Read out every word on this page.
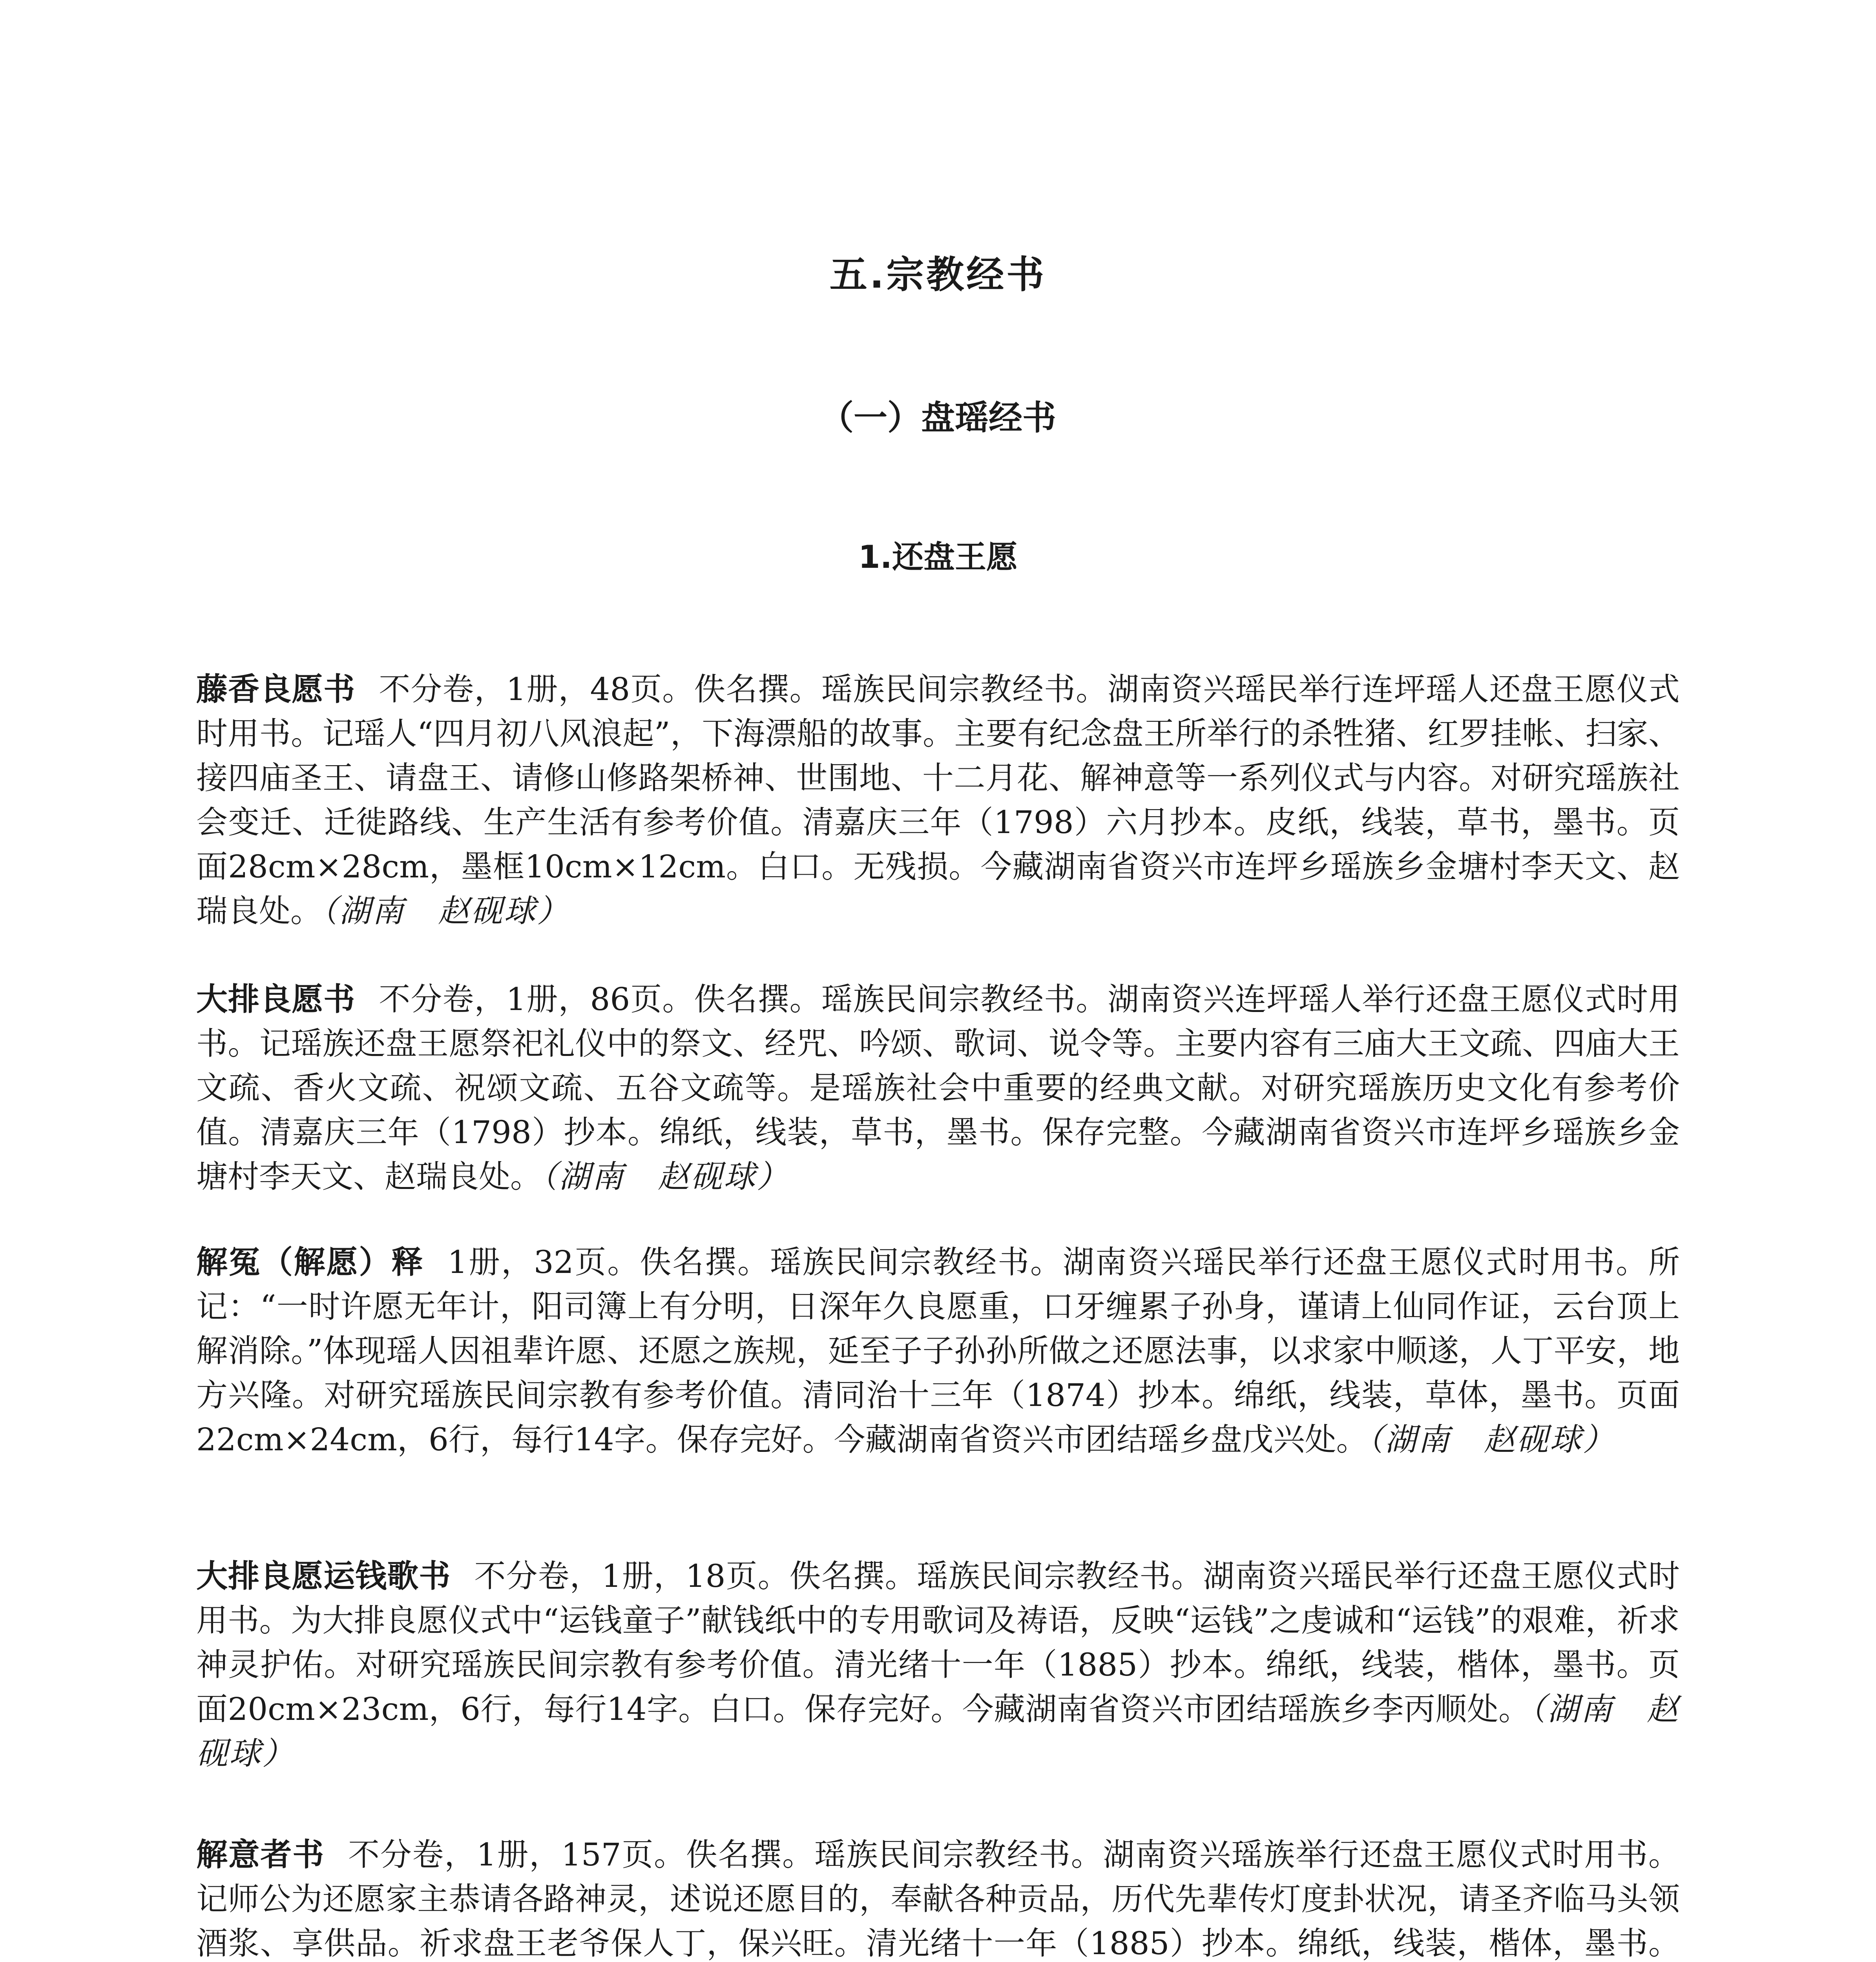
五.宗教经书
（一）盘瑶经书
1.还盘王愿

藤香良愿书 不分卷，1册，48页。佚名撰。瑶族民间宗教经书。湖南资兴瑶民举行连坪瑶人还盘王愿仪式时用书。记瑶人“四月初八风浪起”，下海漂船的故事。主要有纪念盘王所举行的杀牲猪、红罗挂帐、扫家、接四庙圣王、请盘王、请修山修路架桥神、世围地、十二月花、解神意等一系列仪式与内容。对研究瑶族社会变迁、迁徙路线、生产生活有参考价值。清嘉庆三年（1798）六月抄本。皮纸，线装，草书，墨书。页面28cm×28cm，墨框10cm×12cm。白口。无残损。今藏湖南省资兴市连坪乡瑶族乡金塘村李天文、赵瑞良处。（湖南　赵砚球）

大排良愿书 不分卷，1册，86页。佚名撰。瑶族民间宗教经书。湖南资兴连坪瑶人举行还盘王愿仪式时用书。记瑶族还盘王愿祭祀礼仪中的祭文、经咒、吟颂、歌词、说令等。主要内容有三庙大王文疏、四庙大王文疏、香火文疏、祝颂文疏、五谷文疏等。是瑶族社会中重要的经典文献。对研究瑶族历史文化有参考价值。清嘉庆三年（1798）抄本。绵纸，线装，草书，墨书。保存完整。今藏湖南省资兴市连坪乡瑶族乡金塘村李天文、赵瑞良处。（湖南　赵砚球）

解冤（解愿）释 1册，32页。佚名撰。瑶族民间宗教经书。湖南资兴瑶民举行还盘王愿仪式时用书。所记：“一时许愿无年计，阳司簿上有分明，日深年久良愿重，口牙缠累子孙身，谨请上仙同作证，云台顶上解消除。”体现瑶人因祖辈许愿、还愿之族规，延至子子孙孙所做之还愿法事，以求家中顺遂，人丁平安，地方兴隆。对研究瑶族民间宗教有参考价值。清同治十三年（1874）抄本。绵纸，线装，草体，墨书。页面22cm×24cm，6行，每行14字。保存完好。今藏湖南省资兴市团结瑶乡盘戊兴处。（湖南　赵砚球）

大排良愿运钱歌书 不分卷，1册，18页。佚名撰。瑶族民间宗教经书。湖南资兴瑶民举行还盘王愿仪式时用书。为大排良愿仪式中“运钱童子”献钱纸中的专用歌词及祷语，反映“运钱”之虔诚和“运钱”的艰难，祈求神灵护佑。对研究瑶族民间宗教有参考价值。清光绪十一年（1885）抄本。绵纸，线装，楷体，墨书。页面20cm×23cm，6行，每行14字。白口。保存完好。今藏湖南省资兴市团结瑶族乡李丙顺处。（湖南　赵砚球）

解意者书 不分卷，1册，157页。佚名撰。瑶族民间宗教经书。湖南资兴瑶族举行还盘王愿仪式时用书。记师公为还愿家主恭请各路神灵，述说还愿目的，奉献各种贡品，历代先辈传灯度卦状况，请圣齐临马头领酒浆、享供品。祈求盘王老爷保人丁，保兴旺。清光绪十一年（1885）抄本。绵纸，线装，楷体，墨书。
